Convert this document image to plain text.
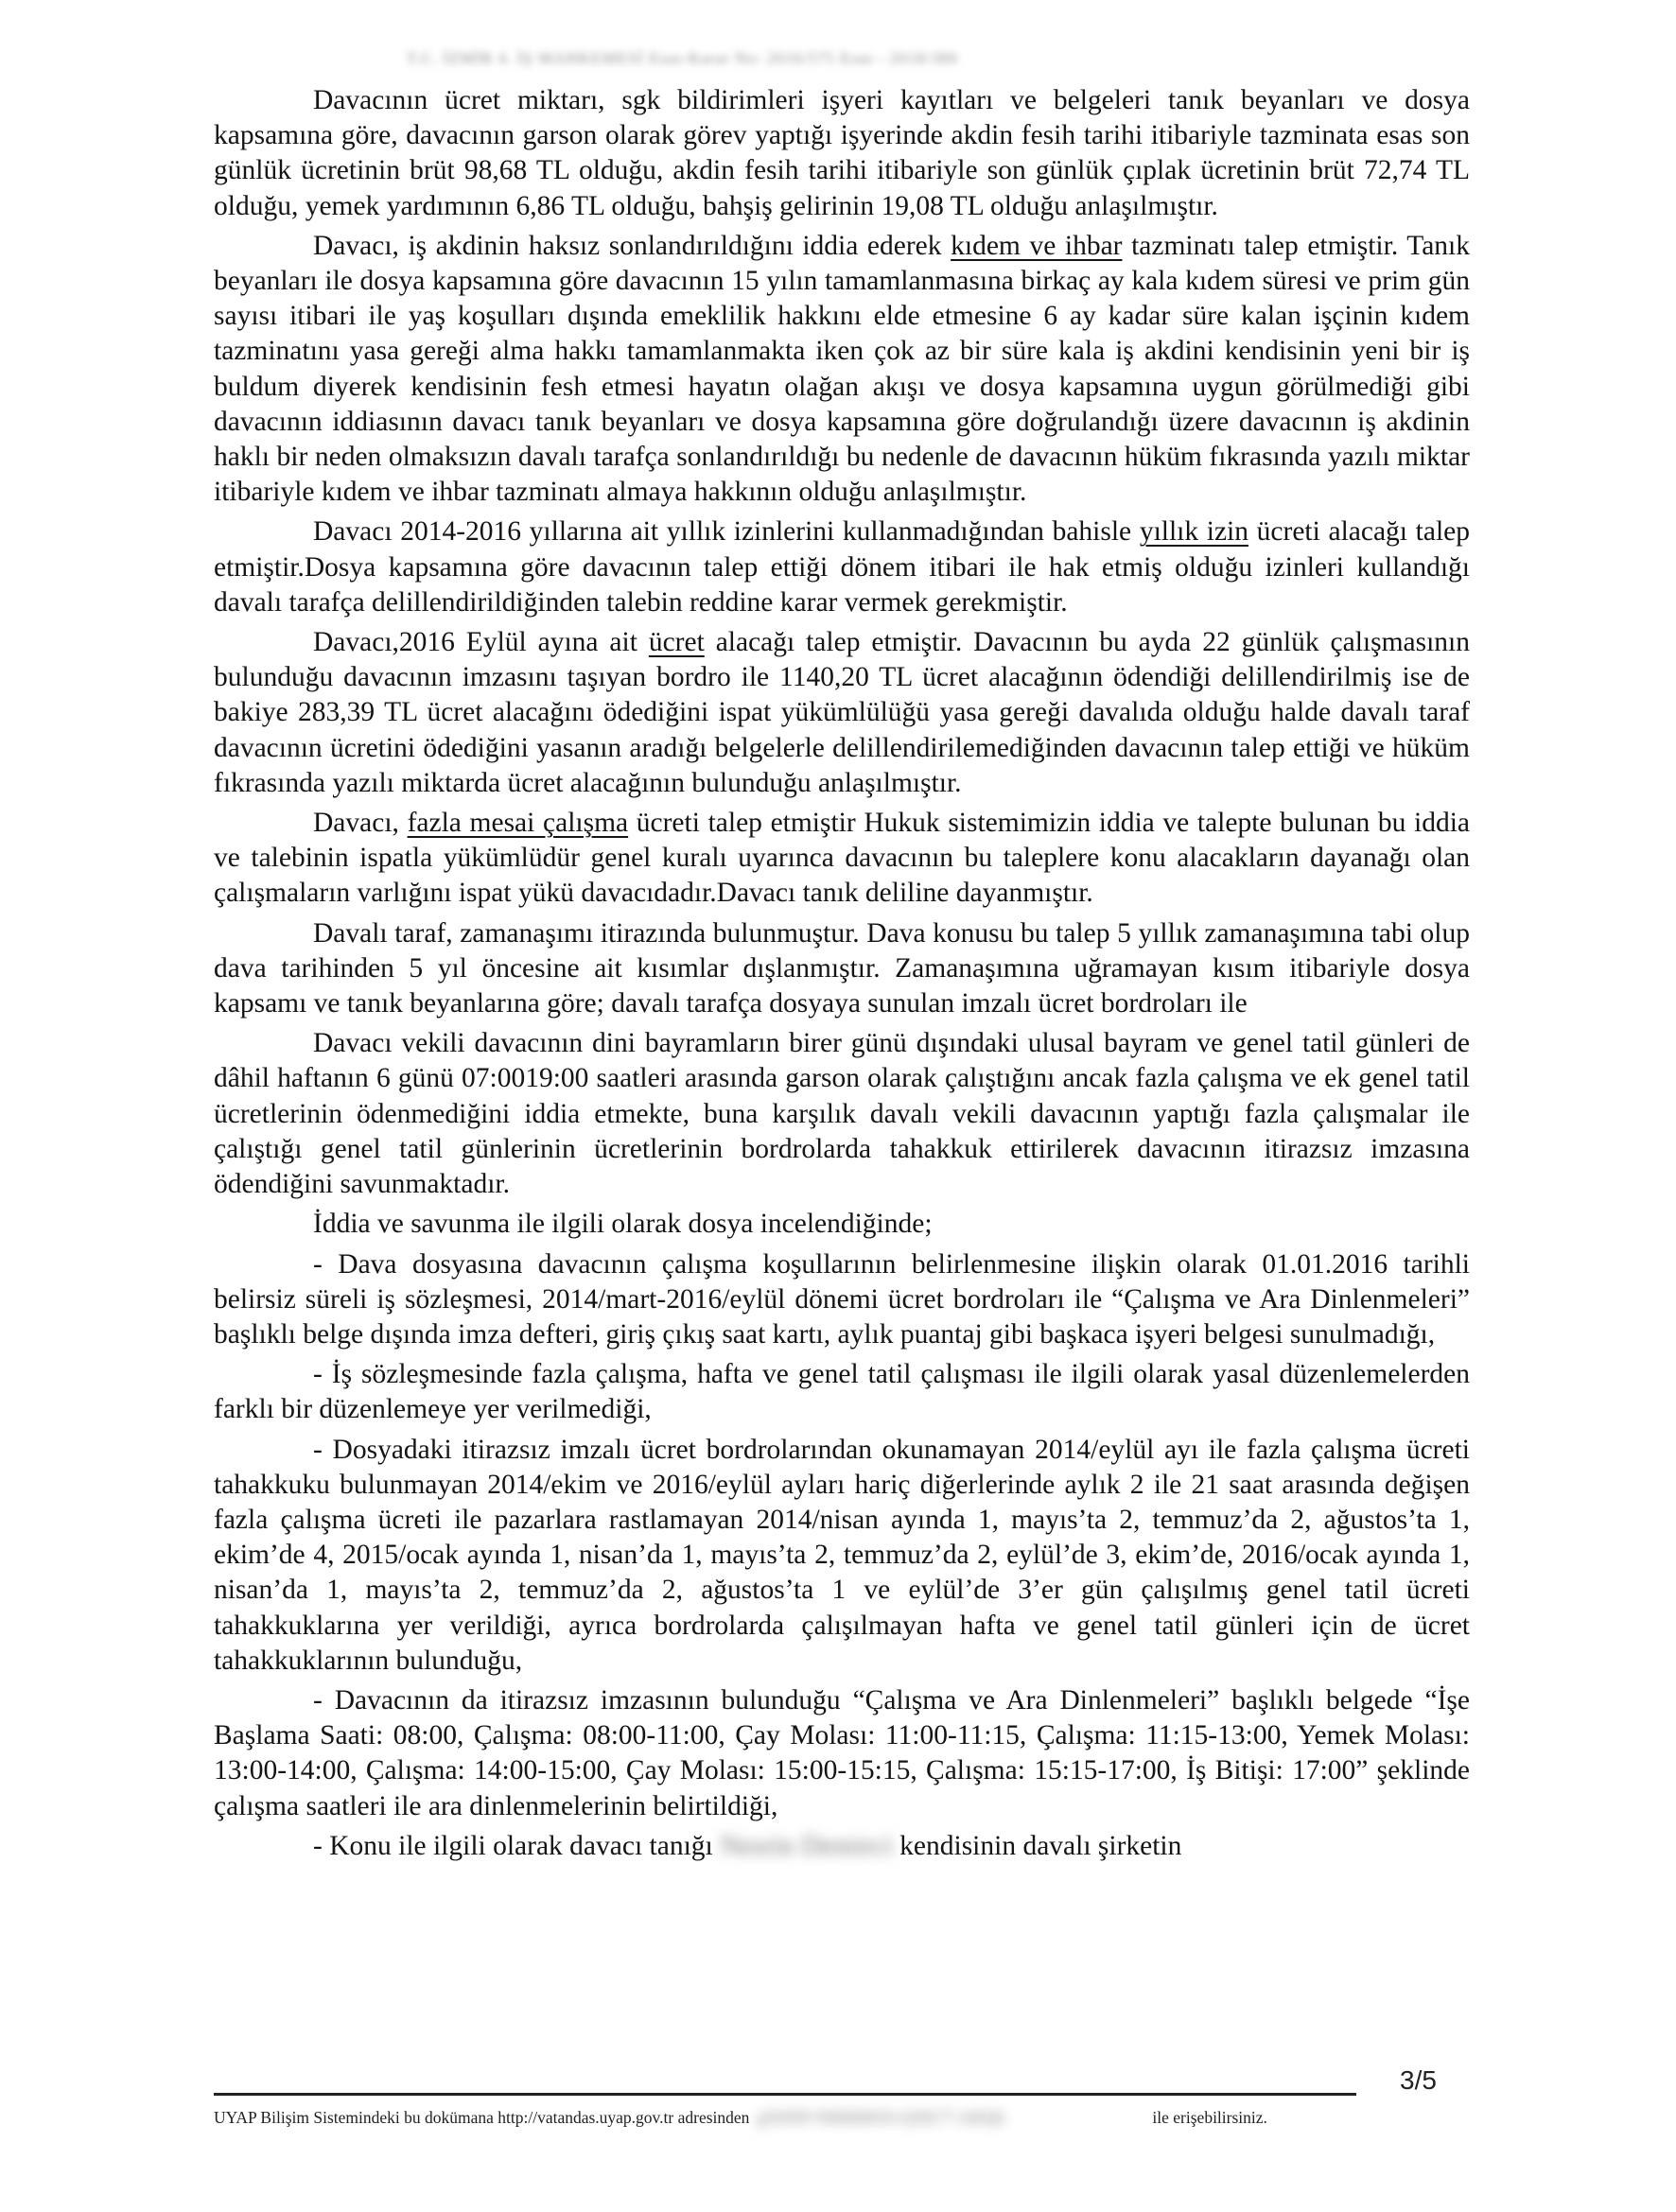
T.C. İZMİR 4. İŞ MAHKEMESİ Esas-Karar No: 2016/575 Esas - 2018/389

Davacının ücret miktarı, sgk bildirimleri işyeri kayıtları ve belgeleri tanık beyanları ve dosya kapsamına göre, davacının garson olarak görev yaptığı işyerinde akdin fesih tarihi itibariyle tazminata esas son günlük ücretinin brüt 98,68 TL olduğu, akdin fesih tarihi itibariyle son günlük çıplak ücretinin brüt 72,74 TL olduğu, yemek yardımının 6,86 TL olduğu, bahşiş gelirinin 19,08 TL olduğu anlaşılmıştır.

Davacı, iş akdinin haksız sonlandırıldığını iddia ederek kıdem ve ihbar tazminatı talep etmiştir. Tanık beyanları ile dosya kapsamına göre davacının 15 yılın tamamlanmasına birkaç ay kala kıdem süresi ve prim gün sayısı itibari ile yaş koşulları dışında emeklilik hakkını elde etmesine 6 ay kadar süre kalan işçinin kıdem tazminatını yasa gereği alma hakkı tamamlanmakta iken çok az bir süre kala iş akdini kendisinin yeni bir iş buldum diyerek kendisinin fesh etmesi hayatın olağan akışı ve dosya kapsamına uygun görülmediği gibi davacının iddiasının davacı tanık beyanları ve dosya kapsamına göre doğrulandığı üzere davacının iş akdinin haklı bir neden olmaksızın davalı tarafça sonlandırıldığı bu nedenle de davacının hüküm fıkrasında yazılı miktar itibariyle kıdem ve ihbar tazminatı almaya hakkının olduğu anlaşılmıştır.

Davacı 2014-2016 yıllarına ait yıllık izinlerini kullanmadığından bahisle yıllık izin ücreti alacağı talep etmiştir.Dosya kapsamına göre davacının talep ettiği dönem itibari ile hak etmiş olduğu izinleri kullandığı davalı tarafça delillendirildiğinden talebin reddine karar vermek gerekmiştir.

Davacı,2016 Eylül ayına ait ücret alacağı talep etmiştir. Davacının bu ayda 22 günlük çalışmasının bulunduğu davacının imzasını taşıyan bordro ile 1140,20 TL ücret alacağının ödendiği delillendirilmiş ise de bakiye 283,39 TL ücret alacağını ödediğini ispat yükümlülüğü yasa gereği davalıda olduğu halde davalı taraf davacının ücretini ödediğini yasanın aradığı belgelerle delillendirilemediğinden davacının talep ettiği ve hüküm fıkrasında yazılı miktarda ücret alacağının bulunduğu anlaşılmıştır.

Davacı, fazla mesai çalışma ücreti talep etmiştir Hukuk sistemimizin iddia ve talepte bulunan bu iddia ve talebinin ispatla yükümlüdür genel kuralı uyarınca davacının bu taleplere konu alacakların dayanağı olan çalışmaların varlığını ispat yükü davacıdadır.Davacı tanık deliline dayanmıştır.

Davalı taraf, zamanaşımı itirazında bulunmuştur. Dava konusu bu talep 5 yıllık zamanaşımına tabi olup dava tarihinden 5 yıl öncesine ait kısımlar dışlanmıştır. Zamanaşımına uğramayan kısım itibariyle dosya kapsamı ve tanık beyanlarına göre; davalı tarafça dosyaya sunulan imzalı ücret bordroları ile

Davacı vekili davacının dini bayramların birer günü dışındaki ulusal bayram ve genel tatil günleri de dâhil haftanın 6 günü 07:0019:00 saatleri arasında garson olarak çalıştığını ancak fazla çalışma ve ek genel tatil ücretlerinin ödenmediğini iddia etmekte, buna karşılık davalı vekili davacının yaptığı fazla çalışmalar ile çalıştığı genel tatil günlerinin ücretlerinin bordrolarda tahakkuk ettirilerek davacının itirazsız imzasına ödendiğini savunmaktadır.

İddia ve savunma ile ilgili olarak dosya incelendiğinde;

- Dava dosyasına davacının çalışma koşullarının belirlenmesine ilişkin olarak 01.01.2016 tarihli belirsiz süreli iş sözleşmesi, 2014/mart-2016/eylül dönemi ücret bordroları ile “Çalışma ve Ara Dinlenmeleri” başlıklı belge dışında imza defteri, giriş çıkış saat kartı, aylık puantaj gibi başkaca işyeri belgesi sunulmadığı,

- İş sözleşmesinde fazla çalışma, hafta ve genel tatil çalışması ile ilgili olarak yasal düzenlemelerden farklı bir düzenlemeye yer verilmediği,

- Dosyadaki itirazsız imzalı ücret bordrolarından okunamayan 2014/eylül ayı ile fazla çalışma ücreti tahakkuku bulunmayan 2014/ekim ve 2016/eylül ayları hariç diğerlerinde aylık 2 ile 21 saat arasında değişen fazla çalışma ücreti ile pazarlara rastlamayan 2014/nisan ayında 1, mayıs’ta 2, temmuz’da 2, ağustos’ta 1, ekim’de 4, 2015/ocak ayında 1, nisan’da 1, mayıs’ta 2, temmuz’da 2, eylül’de 3, ekim’de, 2016/ocak ayında 1, nisan’da 1, mayıs’ta 2, temmuz’da 2, ağustos’ta 1 ve eylül’de 3’er gün çalışılmış genel tatil ücreti tahakkuklarına yer verildiği, ayrıca bordrolarda çalışılmayan hafta ve genel tatil günleri için de ücret tahakkuklarının bulunduğu,

- Davacının da itirazsız imzasının bulunduğu “Çalışma ve Ara Dinlenmeleri” başlıklı belgede “İşe Başlama Saati: 08:00, Çalışma: 08:00-11:00, Çay Molası: 11:00-11:15, Çalışma: 11:15-13:00, Yemek Molası: 13:00-14:00, Çalışma: 14:00-15:00, Çay Molası: 15:00-15:15, Çalışma: 15:15-17:00, İş Bitişi: 17:00” şeklinde çalışma saatleri ile ara dinlenmelerinin belirtildiği,

- Konu ile ilgili olarak davacı tanığı Nesrin Demirci kendisinin davalı şirketin

3/5
UYAP Bilişim Sistemindeki bu dokümana http://vatandas.uyap.gov.tr adresinden gXHNP-NMMMOO-QXK77-A8iQh	ile erişebilirsiniz.
